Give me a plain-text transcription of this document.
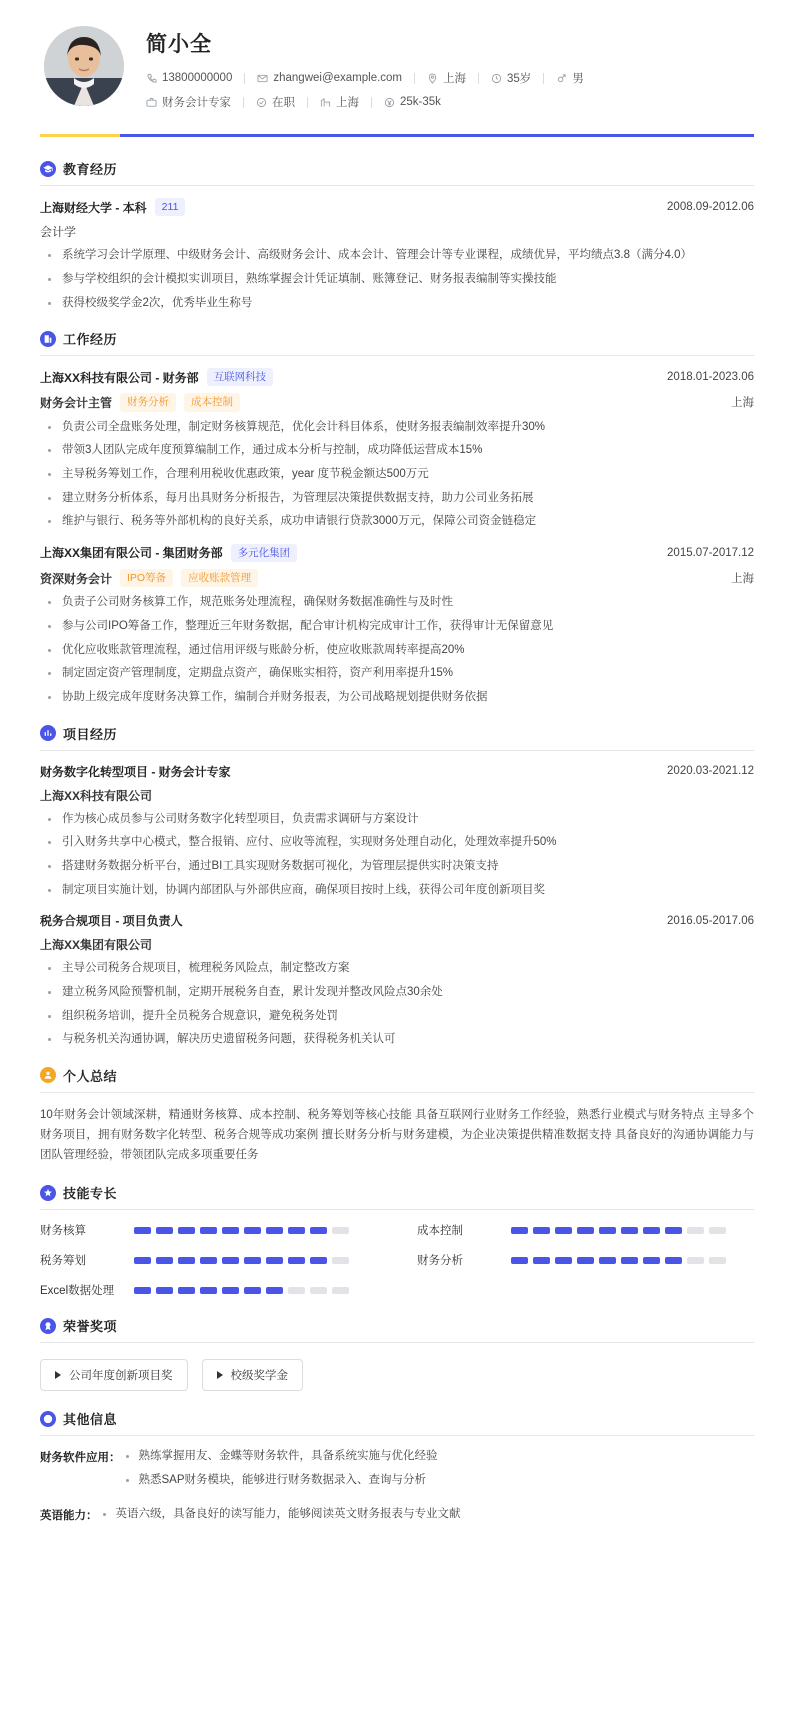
简小全
13800000000	zhangwei@example.com	上海	35岁	男
财务会计专家	在职	上海	25k-35k
教育经历
上海财经大学 - 本科	211	2008.09-2012.06
会计学
系统学习会计学原理、中级财务会计、高级财务会计、成本会计、管理会计等专业课程，成绩优异，平均绩点3.8（满分4.0）
参与学校组织的会计模拟实训项目，熟练掌握会计凭证填制、账簿登记、财务报表编制等实操技能
获得校级奖学金2次，优秀毕业生称号
工作经历
上海XX科技有限公司 - 财务部	互联网科技	2018.01-2023.06
财务会计主管	财务分析	成本控制	上海
负责公司全盘账务处理，制定财务核算规范，优化会计科目体系，使财务报表编制效率提升30%
带领3人团队完成年度预算编制工作，通过成本分析与控制，成功降低运营成本15%
主导税务筹划工作，合理利用税收优惠政策，year 度节税金额达500万元
建立财务分析体系，每月出具财务分析报告，为管理层决策提供数据支持，助力公司业务拓展
维护与银行、税务等外部机构的良好关系，成功申请银行贷款3000万元，保障公司资金链稳定
上海XX集团有限公司 - 集团财务部	多元化集团	2015.07-2017.12
资深财务会计	IPO筹备	应收账款管理	上海
负责子公司财务核算工作，规范账务处理流程，确保财务数据准确性与及时性
参与公司IPO筹备工作，整理近三年财务数据，配合审计机构完成审计工作，获得审计无保留意见
优化应收账款管理流程，通过信用评级与账龄分析，使应收账款周转率提高20%
制定固定资产管理制度，定期盘点资产，确保账实相符，资产利用率提升15%
协助上级完成年度财务决算工作，编制合并财务报表，为公司战略规划提供财务依据
项目经历
财务数字化转型项目 - 财务会计专家	2020.03-2021.12
上海XX科技有限公司
作为核心成员参与公司财务数字化转型项目，负责需求调研与方案设计
引入财务共享中心模式，整合报销、应付、应收等流程，实现财务处理自动化，处理效率提升50%
搭建财务数据分析平台，通过BI工具实现财务数据可视化，为管理层提供实时决策支持
制定项目实施计划，协调内部团队与外部供应商，确保项目按时上线，获得公司年度创新项目奖
税务合规项目 - 项目负责人	2016.05-2017.06
上海XX集团有限公司
主导公司税务合规项目，梳理税务风险点，制定整改方案
建立税务风险预警机制，定期开展税务自查，累计发现并整改风险点30余处
组织税务培训，提升全员税务合规意识，避免税务处罚
与税务机关沟通协调，解决历史遗留税务问题，获得税务机关认可
个人总结
10年财务会计领域深耕，精通财务核算、成本控制、税务筹划等核心技能 具备互联网行业财务工作经验，熟悉行业模式与财务特点 主导多个财务项目，拥有财务数字化转型、税务合规等成功案例 擅长财务分析与财务建模，为企业决策提供精准数据支持 具备良好的沟通协调能力与团队管理经验，带领团队完成多项重要任务
技能专长
财务核算	成本控制
税务筹划	财务分析
Excel数据处理
荣誉奖项
公司年度创新项目奖	校级奖学金
其他信息
财务软件应用：	熟练掌握用友、金蝶等财务软件，具备系统实施与优化经验
熟悉SAP财务模块，能够进行财务数据录入、查询与分析
英语能力：	英语六级，具备良好的读写能力，能够阅读英文财务报表与专业文献
